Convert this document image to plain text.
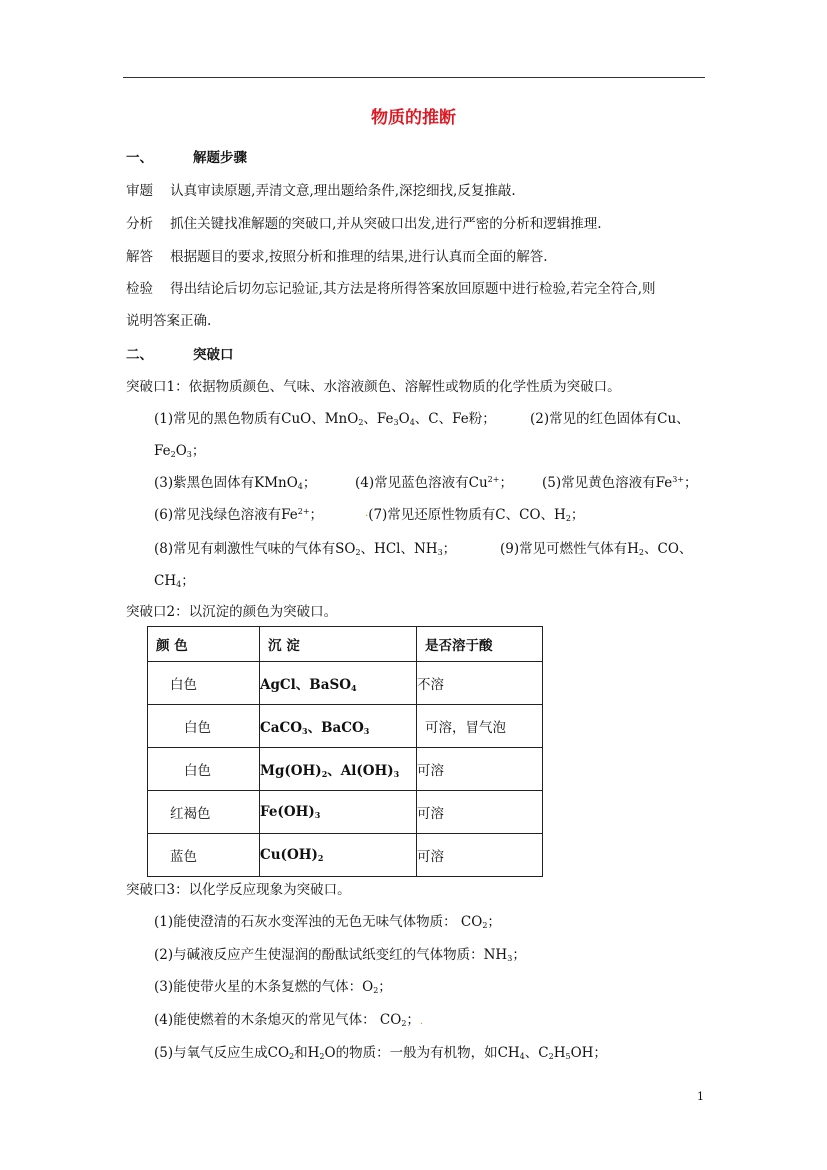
物质的推断
一、	解题步骤
审题 认真审读原题,弄清文意,理出题给条件,深挖细找,反复推敲.
分析 抓住关键找准解题的突破口,并从突破口出发,进行严密的分析和逻辑推理.
解答 根据题目的要求,按照分析和推理的结果,进行认真而全面的解答.
检验 得出结论后切勿忘记验证,其方法是将所得答案放回原题中进行检验,若完全符合,则
说明答案正确.
二、	突破口
突破口1：依据物质颜色、气味、水溶液颜色、溶解性或物质的化学性质为突破口。
(1)常见的黑色物质有CuO、MnO$_2$、$Fe_3O_4$、C、Fe粉；	(2)常见的红色固体有Cu、
$Fe_2O_3$；
(3)紫黑色固体有KMnO$_4$；	(4)常见蓝色溶液有$Cu^{2+}$； (5)常见黄色溶液有$Fe^{3+}$；
(6)常见浅绿色溶液有$Fe^{2+}$；	·(7)常见还原性物质有C、CO、$H_2$；
(8)常见有刺激性气味的气体有$SO_2$、HCl、$NH_3$；	(9)常见可燃性气体有$H_2$、CO、
$CH_4$；
突破口2：以沉淀的颜色为突破口。
颜 色	沉 淀	是否溶于酸
白色	AgCl、BaSO$_4$	不溶
白色	CaCO$_3$、BaCO$_3$	可溶，冒气泡
白色	$Mg(OH)_2$、$Al(OH)_3$	可溶
红褐色	$Fe(OH)_3$	可溶
蓝色	$Cu(OH)_2$	可溶
突破口3：以化学反应现象为突破口。
(1)能使澄清的石灰水变浑浊的无色无味气体物质： $CO_2$；
(2)与碱液反应产生使湿润的酚酞试纸变红的气体物质：$NH_3$；
(3)能使带火星的木条复燃的气体：$O_2$；
(4)能使燃着的木条熄灭的常见气体： $CO_2$；.
(5)与氧气反应生成$CO_2$和$H_2O$的物质：一般为有机物，如$CH_4$、$C_2H_5OH$；
1
